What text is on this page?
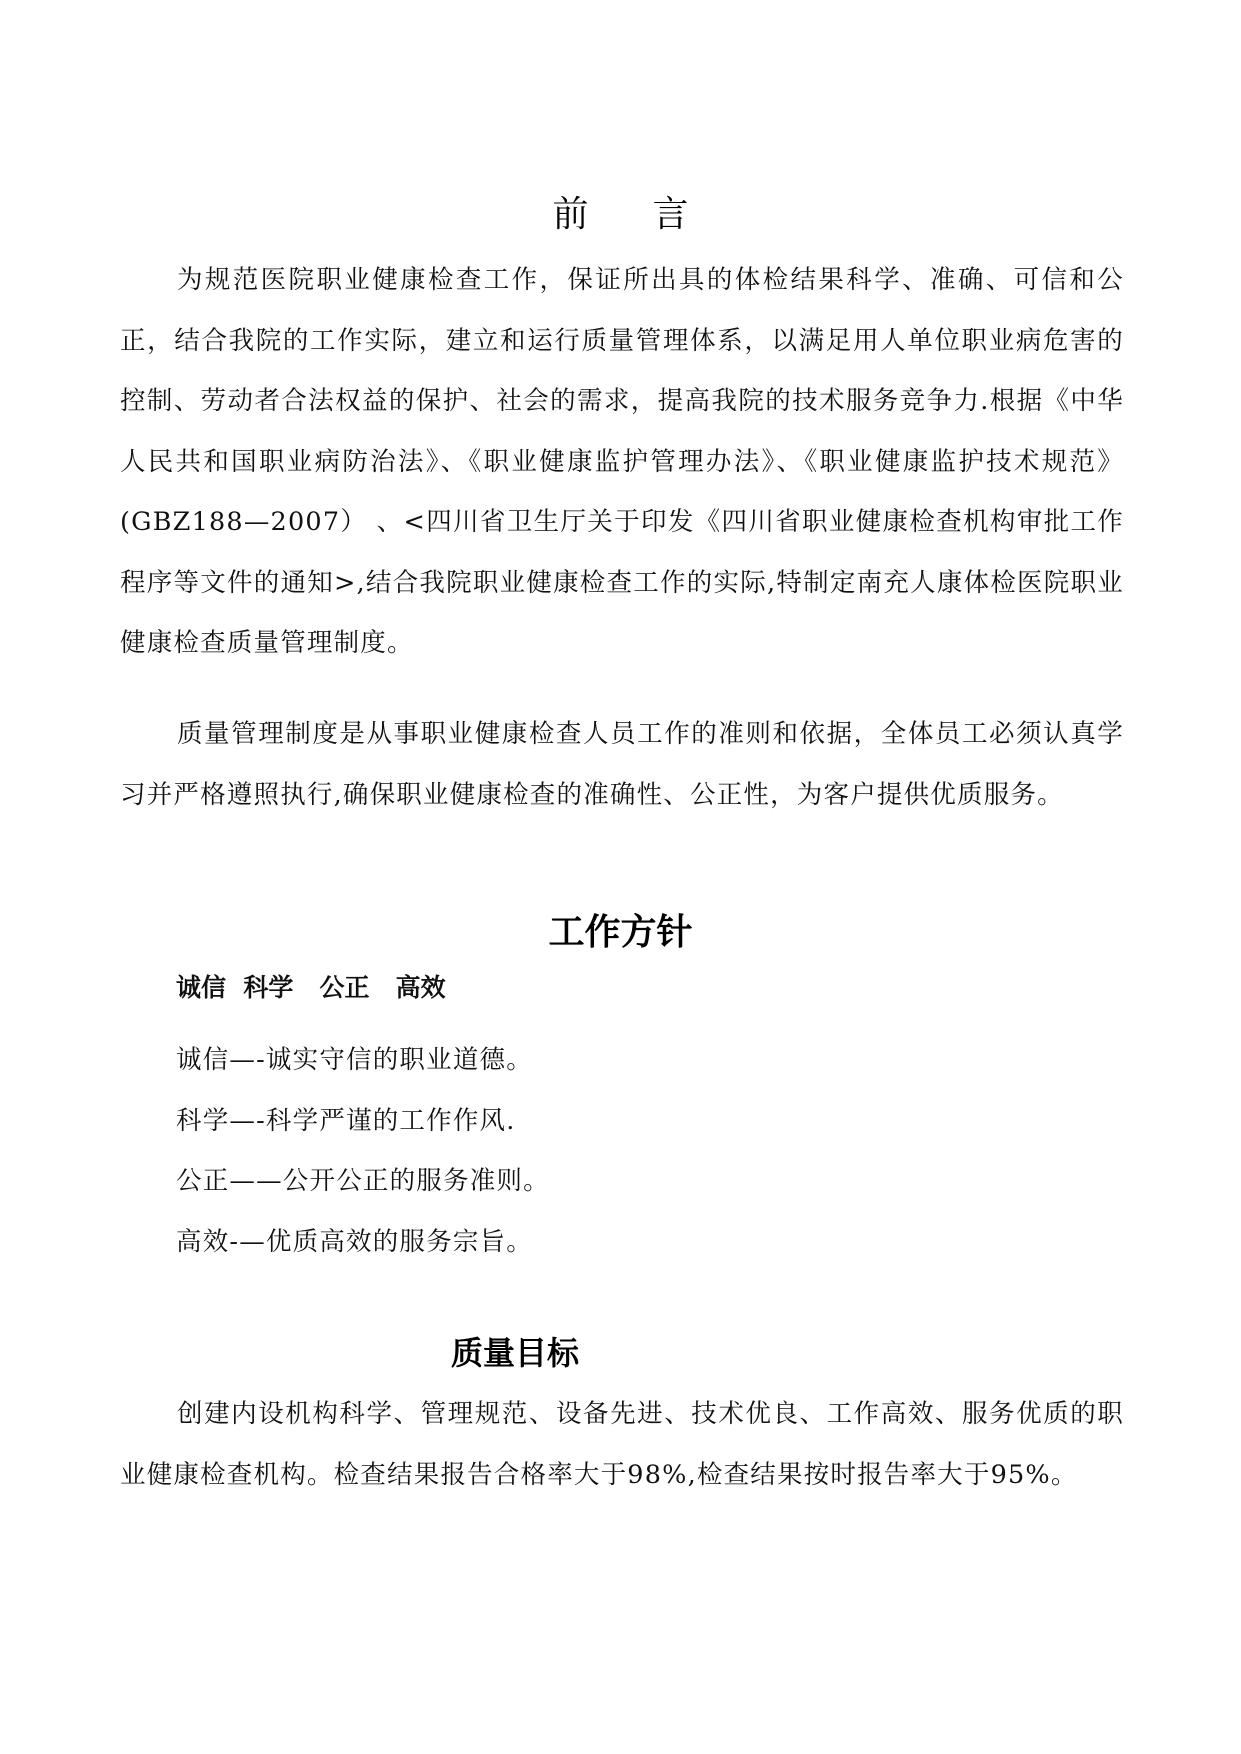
前言

为规范医院职业健康检查工作，保证所出具的体检结果科学、准确、可信和公正，结合我院的工作实际，建立和运行质量管理体系，以满足用人单位职业病危害的控制、劳动者合法权益的保护、社会的需求，提高我院的技术服务竞争力.根据《中华人民共和国职业病防治法》、《职业健康监护管理办法》、《职业健康监护技术规范》(GBZ188—2007） 、<四川省卫生厅关于印发《四川省职业健康检查机构审批工作程序等文件的通知>,结合我院职业健康检查工作的实际,特制定南充人康体检医院职业健康检查质量管理制度。

质量管理制度是从事职业健康检查人员工作的准则和依据，全体员工必须认真学习并严格遵照执行,确保职业健康检查的准确性、公正性，为客户提供优质服务。

工作方针

诚信  科学   公正   高效

诚信—-诚实守信的职业道德。
科学—-科学严谨的工作作风.
公正——公开公正的服务准则。
高效-—优质高效的服务宗旨。
质量目标

创建内设机构科学、管理规范、设备先进、技术优良、工作高效、服务优质的职业健康检查机构。检查结果报告合格率大于98%,检查结果按时报告率大于95%。
